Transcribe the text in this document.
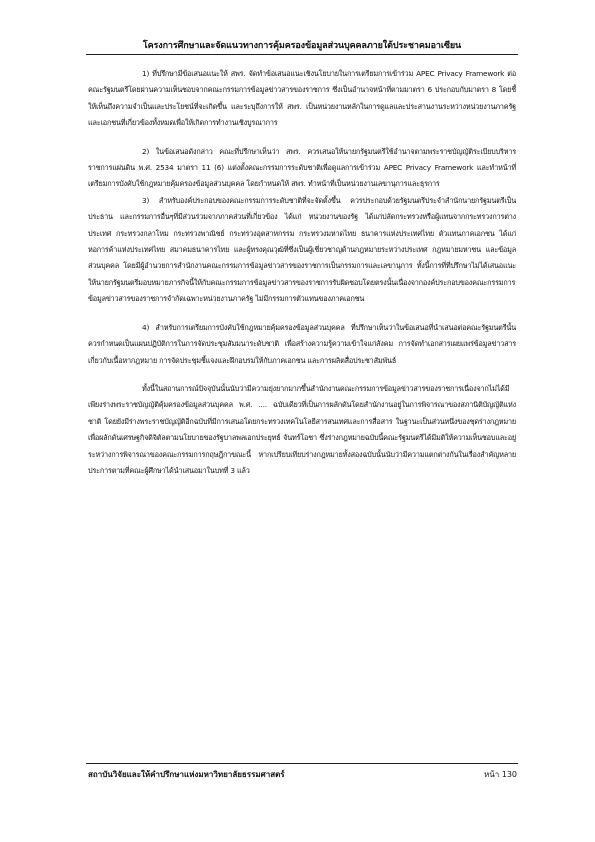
โครงการศึกษาและจัดแนวทางการคุ้มครองข้อมูลส่วนบุคคลภายใต้ประชาคมอาเซียน

1) ที่ปรึกษามีข้อเสนอแนะให้ สพร. จัดทำข้อเสนอแนะเชิงนโยบายในการเตรียมการเข้าร่วม APEC Privacy Framework ต่อคณะรัฐมนตรีโดยผ่านความเห็นชอบจากคณะกรรมการข้อมูลข่าวสารของราชการ ซึ่งเป็นอำนาจหน้าที่ตามมาตรา 6 ประกอบกับมาตรา 8 โดยชี้ให้เห็นถึงความจำเป็นและประโยชน์ที่จะเกิดขึ้น และระบุถึงการให้ สพร. เป็นหน่วยงานหลักในการดูแลและประสานงานระหว่างหน่วยงานภาครัฐและเอกชนที่เกี่ยวข้องทั้งหมดเพื่อให้เกิดการทำงานเชิงบูรณาการ

2) ในข้อเสนอดังกล่าว คณะที่ปรึกษาเห็นว่า สพร. ควรเสนอให้นายกรัฐมนตรีใช้อำนาจตามพระราชบัญญัติระเบียบบริหารราชการแผ่นดิน พ.ศ. 2534 มาตรา 11 (6) แต่งตั้งคณะกรรมการระดับชาติเพื่อดูแลการเข้าร่วม APEC Privacy Framework และทำหน้าที่เตรียมการบังคับใช้กฎหมายคุ้มครองข้อมูลส่วนบุคคล โดยกำหนดให้ สพร. ทำหน้าที่เป็นหน่วยงานเลขานุการและธุรการ

3) สำหรับองค์ประกอบของคณะกรรมการระดับชาติที่จะจัดตั้งขึ้น ควรประกอบด้วยรัฐมนตรีประจำสำนักนายกรัฐมนตรีเป็นประธาน และกรรมการอื่นๆที่มีส่วนร่วมจากภาคส่วนที่เกี่ยวข้อง ได้แก่ หน่วยงานของรัฐ ได้แก่ปลัดกระทรวงหรือผู้แทนจากกระทรวงการต่างประเทศ กระทรวงกลาโหม กระทรวงพาณิชย์ กระทรวงอุตสาหกรรม กระทรวงมหาดไทย ธนาคารแห่งประเทศไทย ตัวแทนภาคเอกชน ได้แก่ หอการค้าแห่งประเทศไทย สมาคมธนาคารไทย และผู้ทรงคุณวุฒิที่ซึ่งเป็นผู้เชี่ยวชาญด้านกฎหมายระหว่างประเทศ กฎหมายมหาชน และข้อมูลส่วนบุคคล โดยมีผู้อำนวยการสำนักงานคณะกรรมการข้อมูลข่าวสารของราชการเป็นกรรมการและเลขานุการ ทั้งนี้การที่ที่ปรึกษาไม่ได้เสนอแนะให้นายกรัฐมนตรีมอบหมายภารกิจนี้ให้กับคณะกรรมการข้อมูลข่าวสารของราชการรับผิดชอบโดยตรงนั้นเนื่องจากองค์ประกอบของคณะกรรมการข้อมูลข่าวสารของราชการจำกัดเฉพาะหน่วยงานภาครัฐ ไม่มีกรรมการตัวแทนของภาคเอกชน

4) สำหรับการเตรียมการบังคับใช้กฎหมายคุ้มครองข้อมูลส่วนบุคคล ที่ปรึกษาเห็นว่าในข้อเสนอที่นำเสนอต่อคณะรัฐมนตรีนั้นควรกำหนดเป็นแผนปฏิบัติการในการจัดประชุมสัมมนาระดับชาติ เพื่อสร้างความรู้ความเข้าใจแก่สังคม การจัดทำเอกสารเผยแพร่ข้อมูลข่าวสารเกี่ยวกับเนื้อหากฎหมาย การจัดประชุมชี้แจงและฝึกอบรมให้กับภาคเอกชน และการผลิตสื่อประชาสัมพันธ์

ทั้งนี้ในสถานการณ์ปัจจุบันนั้นนับว่ามีความยุ่งยากมากขึ้นสำนักงานคณะกรรมการข้อมูลข่าวสารของราชการเนื่องจากไม่ได้มีเพียงร่างพระราชบัญญัติคุ้มครองข้อมูลส่วนบุคคล พ.ศ. .... ฉบับเดียวที่เป็นการผลักดันโดยสำนักงานอยู่ในการพิจารณาของสภานิติบัญญัติแห่งชาติ โดยยังมีร่างพระราชบัญญัติอีกฉบับที่มีการเสนอโดยกระทรวงเทคโนโลยีสารสนเทศและการสื่อสาร ในฐานะเป็นส่วนหนึ่งของชุดร่างกฎหมายเพื่อผลักดันเศรษฐกิจดิจิตัลตามนโยบายของรัฐบาลพลเอกประยุทธ์ จันทร์โอชา ซึ่งร่างกฎหมายฉบับนี้คณะรัฐมนตรีได้มีมติให้ความเห็นชอบและอยู่ระหว่างการพิจารณาของคณะกรรมการกฤษฎีกาขณะนี้ หากเปรียบเทียบร่างกฎหมายทั้งสองฉบับนั้นนับว่ามีความแตกต่างกันในเรื่องสำคัญหลายประการตามที่คณะผู้ศึกษาได้นำเสนอมาในบทที่ 3 แล้ว

สถาบันวิจัยและให้คำปรึกษาแห่งมหาวิทยาลัยธรรมศาสตร์	หน้า 130
